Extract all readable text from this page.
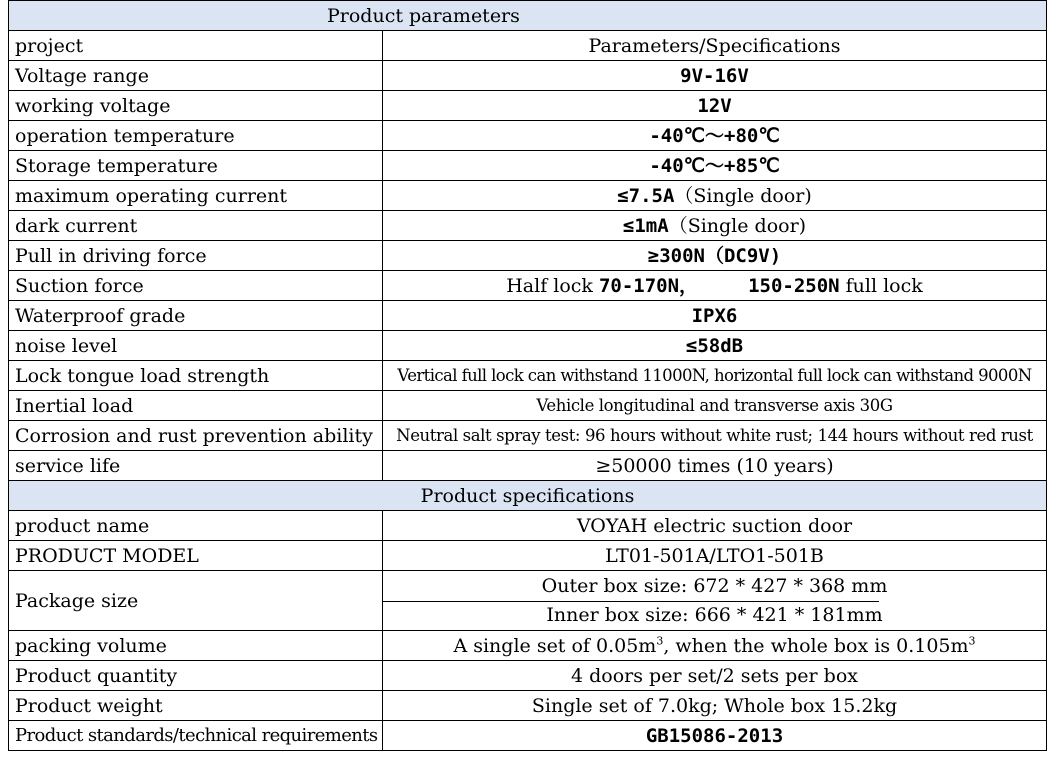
Product parameters	
project	Parameters/Specifications
Voltage range	9V-16V
working voltage	12V
operation temperature	-40℃～+80℃
Storage temperature	-40℃～+85℃
maximum operating current	≤7.5A（Single door)
dark current	≤1mA（Single door)
Pull in driving force	≥300N（DC9V)
Suction force	Half lock 70-170N， 150-250N full lock
Waterproof grade	IPX6
noise level	≤58dB
Lock tongue load strength	Vertical full lock can withstand 11000N, horizontal full lock can withstand 9000N
Inertial load	Vehicle longitudinal and transverse axis 30G
Corrosion and rust prevention ability	Neutral salt spray test: 96 hours without white rust; 144 hours without red rust
service life	≥50000 times (10 years)
Product specifications	
product name	VOYAH electric suction door
PRODUCT MODEL	LT01-501A/LTO1-501B
Package size	Outer box size: 672 * 427 * 368 mm
Inner box size: 666 * 421 * 181mm

packing volume	A single set of $0.05m^3$, when the whole box is $0.105m^3$
Product quantity	4 doors per set/2 sets per box
Product weight	Single set of 7.0kg; Whole box 15.2kg
Product standards/technical requirements	GB15086-2013
